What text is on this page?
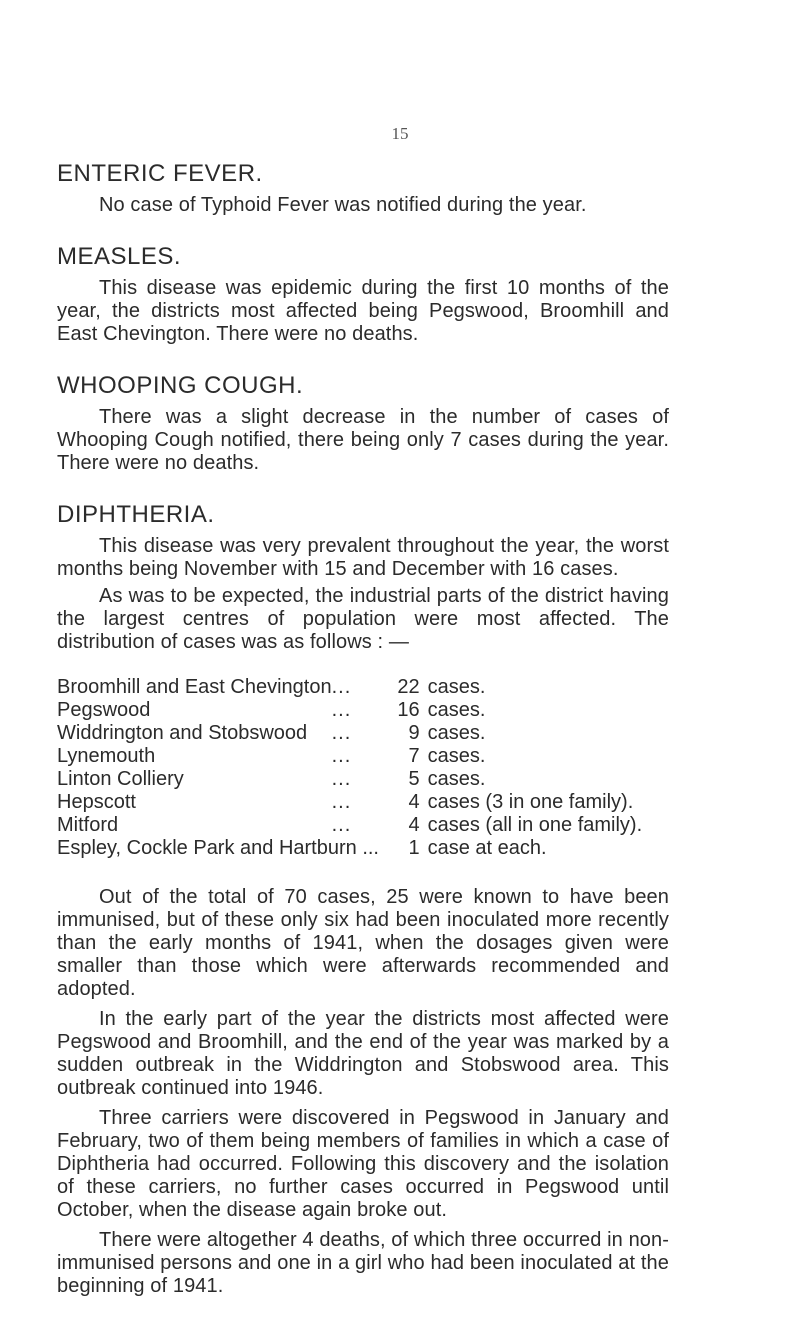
15
ENTERIC FEVER.

No case of Typhoid Fever was notified during the year.

MEASLES.

This disease was epidemic during the first 10 months of the year, the districts most affected being Pegswood, Broomhill and East Chevington. There were no deaths.

WHOOPING COUGH.

There was a slight decrease in the number of cases of Whooping Cough notified, there being only 7 cases during the year. There were no deaths.

DIPHTHERIA.

This disease was very prevalent throughout the year, the worst months being November with 15 and December with 16 cases.

As was to be expected, the industrial parts of the district having the largest centres of population were most affected. The distribution of cases was as follows : —

Broomhill and East Chevington	...	22	cases.
Pegswood	...	16	cases.
Widdrington and Stobswood	...	9	cases.
Lynemouth	...	7	cases.
Linton Colliery	...	5	cases.
Hepscott	...	4	cases (3 in one family).
Mitford	...	4	cases (all in one family).
Espley, Cockle Park and Hartburn ...		1	case at each.

Out of the total of 70 cases, 25 were known to have been immunised, but of these only six had been inoculated more recently than the early months of 1941, when the dosages given were smaller than those which were afterwards recommended and adopted.

In the early part of the year the districts most affected were Pegswood and Broomhill, and the end of the year was marked by a sudden outbreak in the Widdrington and Stobswood area. This outbreak continued into 1946.

Three carriers were discovered in Pegswood in January and February, two of them being members of families in which a case of Diphtheria had occurred. Following this discovery and the isolation of these carriers, no further cases occurred in Pegswood until October, when the disease again broke out.

There were altogether 4 deaths, of which three occurred in non-immunised persons and one in a girl who had been inoculated at the beginning of 1941.
